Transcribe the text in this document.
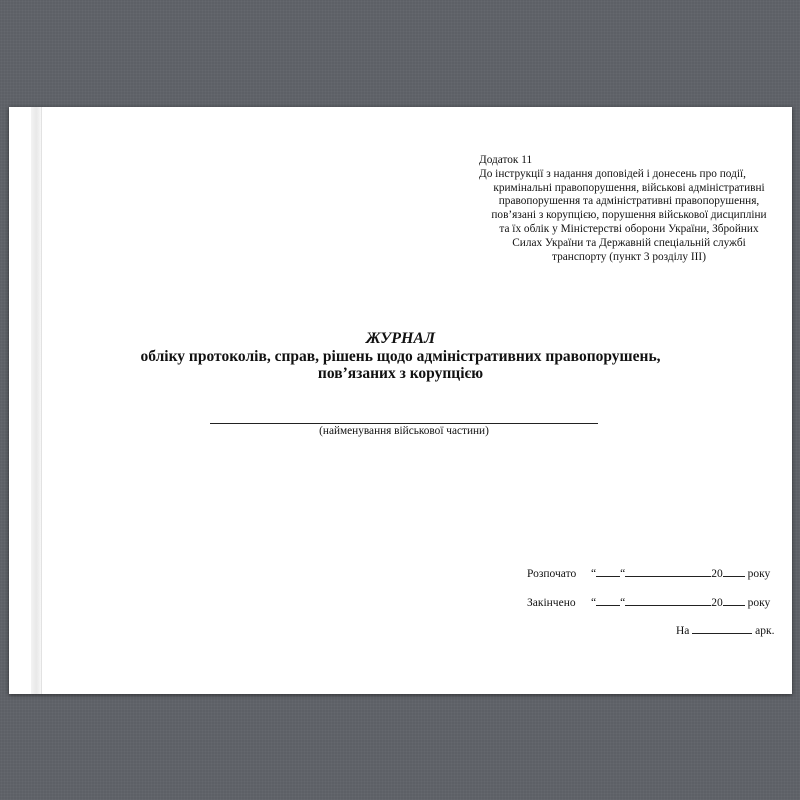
Додаток 11
До інструкції з надання доповідей і донесень про події,
кримінальні правопорушення, військові адміністративні
правопорушення та адміністративні правопорушення,
пов’язані з корупцією, порушення військової дисципліни
та їх облік у Міністерстві оборони України, Збройних
Силах України та Державній спеціальній службі
транспорту (пункт 3 розділу ІІІ)
ЖУРНАЛ
обліку протоколів, справ, рішень щодо адміністративних правопорушень,
пов’язаних з корупцією
(найменування військової частини)
Розпочато “ “	20 року
Закінчено “ “	20 року
На	арк.
